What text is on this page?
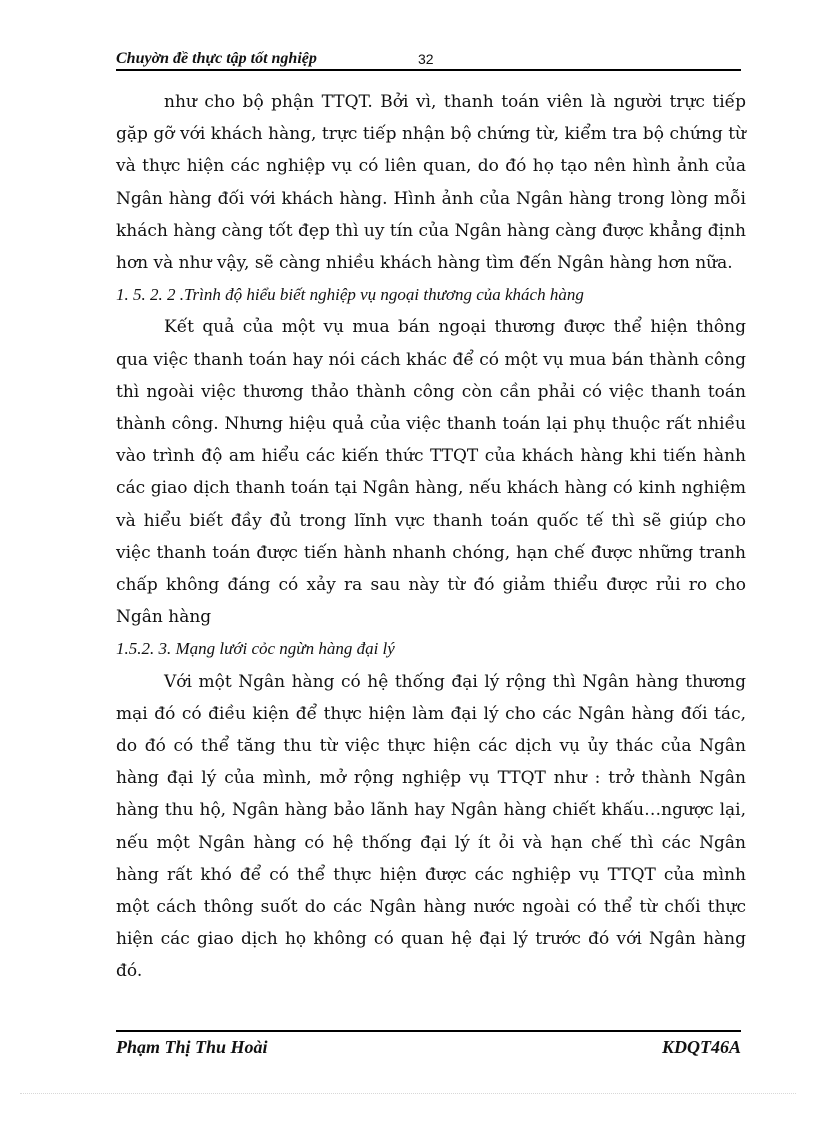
Chuyờn đề thực tập tốt nghiệp	32

như cho bộ phận TTQT. Bởi vì, thanh toán viên là người trực tiếp gặp gỡ với khách hàng, trực tiếp nhận bộ chứng từ, kiểm tra bộ chứng từ và thực hiện các nghiệp vụ có liên quan, do đó họ tạo nên hình ảnh của Ngân hàng đối với khách hàng. Hình ảnh của Ngân hàng trong lòng mỗi khách hàng càng tốt đẹp thì uy tín của Ngân hàng càng được khẳng định hơn và như vậy, sẽ càng nhiều khách hàng tìm đến Ngân hàng hơn nữa.

1. 5. 2. 2 .Trình độ hiểu biết nghiệp vụ ngoại thương của khách hàng

Kết quả của một vụ mua bán ngoại thương được thể hiện thông qua việc thanh toán hay nói cách khác để có một vụ mua bán thành công thì ngoài việc thương thảo thành công còn cần phải có việc thanh toán thành công. Nhưng hiệu quả của việc thanh toán lại phụ thuộc rất nhiều vào trình độ am hiểu các kiến thức TTQT của khách hàng khi tiến hành các giao dịch thanh toán tại Ngân hàng, nếu khách hàng có kinh nghiệm và hiểu biết đầy đủ trong lĩnh vực thanh toán quốc tế thì sẽ giúp cho việc thanh toán được tiến hành nhanh chóng, hạn chế được những tranh chấp không đáng có xảy ra sau này từ đó giảm thiểu được rủi ro cho Ngân hàng

1.5.2. 3. Mạng lưới cỏc ngừn hàng đại lý

Với một Ngân hàng có hệ thống đại lý rộng thì Ngân hàng thương mại đó có điều kiện để thực hiện làm đại lý cho các Ngân hàng đối tác, do đó có thể tăng thu từ việc thực hiện các dịch vụ ủy thác của Ngân hàng đại lý của mình, mở rộng nghiệp vụ TTQT như : trở thành Ngân hàng thu hộ, Ngân hàng bảo lãnh hay Ngân hàng chiết khấu…ngược lại, nếu một Ngân hàng có hệ thống đại lý ít ỏi và hạn chế thì các Ngân hàng rất khó để có thể thực hiện được các nghiệp vụ TTQT của mình một cách thông suốt do các Ngân hàng nước ngoài có thể từ chối thực hiện các giao dịch họ không có quan hệ đại lý trước đó với Ngân hàng đó.

Phạm Thị Thu Hoài	KDQT46A
